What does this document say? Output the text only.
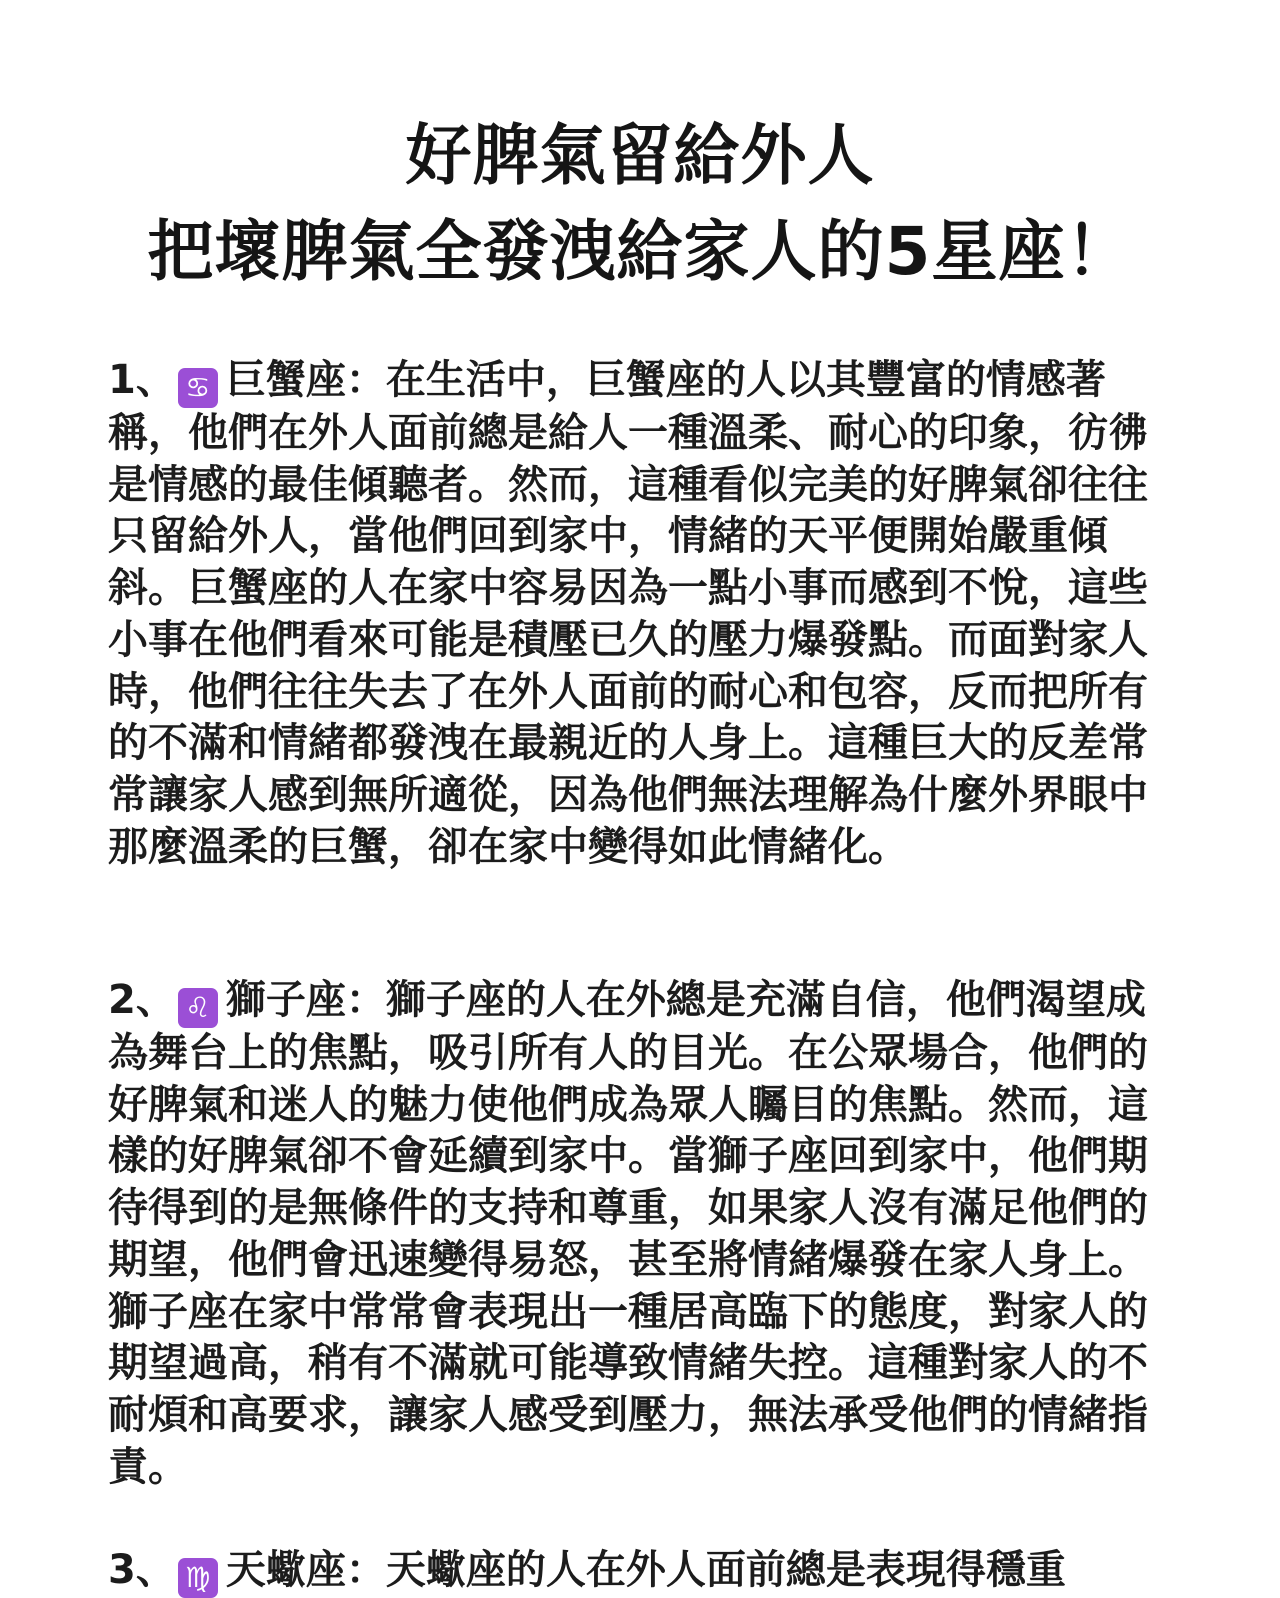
好脾氣留給外人
把壞脾氣全發洩給家人的5星座！
1、 ♋ 巨蟹座：在生活中，巨蟹座的人以其豐富的情感著稱，他們在外人面前總是給人一種溫柔、耐心的印象，彷彿是情感的最佳傾聽者。然而，這種看似完美的好脾氣卻往往只留給外人，當他們回到家中，情緒的天平便開始嚴重傾斜。巨蟹座的人在家中容易因為一點小事而感到不悅，這些小事在他們看來可能是積壓已久的壓力爆發點。而面對家人時，他們往往失去了在外人面前的耐心和包容，反而把所有的不滿和情緒都發洩在最親近的人身上。這種巨大的反差常常讓家人感到無所適從，因為他們無法理解為什麼外界眼中那麼溫柔的巨蟹，卻在家中變得如此情緒化。
2、 ♌ 獅子座：獅子座的人在外總是充滿自信，他們渴望成為舞台上的焦點，吸引所有人的目光。在公眾場合，他們的好脾氣和迷人的魅力使他們成為眾人矚目的焦點。然而，這樣的好脾氣卻不會延續到家中。當獅子座回到家中，他們期待得到的是無條件的支持和尊重，如果家人沒有滿足他們的期望，他們會迅速變得易怒，甚至將情緒爆發在家人身上。獅子座在家中常常會表現出一種居高臨下的態度，對家人的期望過高，稍有不滿就可能導致情緒失控。這種對家人的不耐煩和高要求，讓家人感受到壓力，無法承受他們的情緒指責。
3、 ♍ 天蠍座：天蠍座的人在外人面前總是表現得穩重
